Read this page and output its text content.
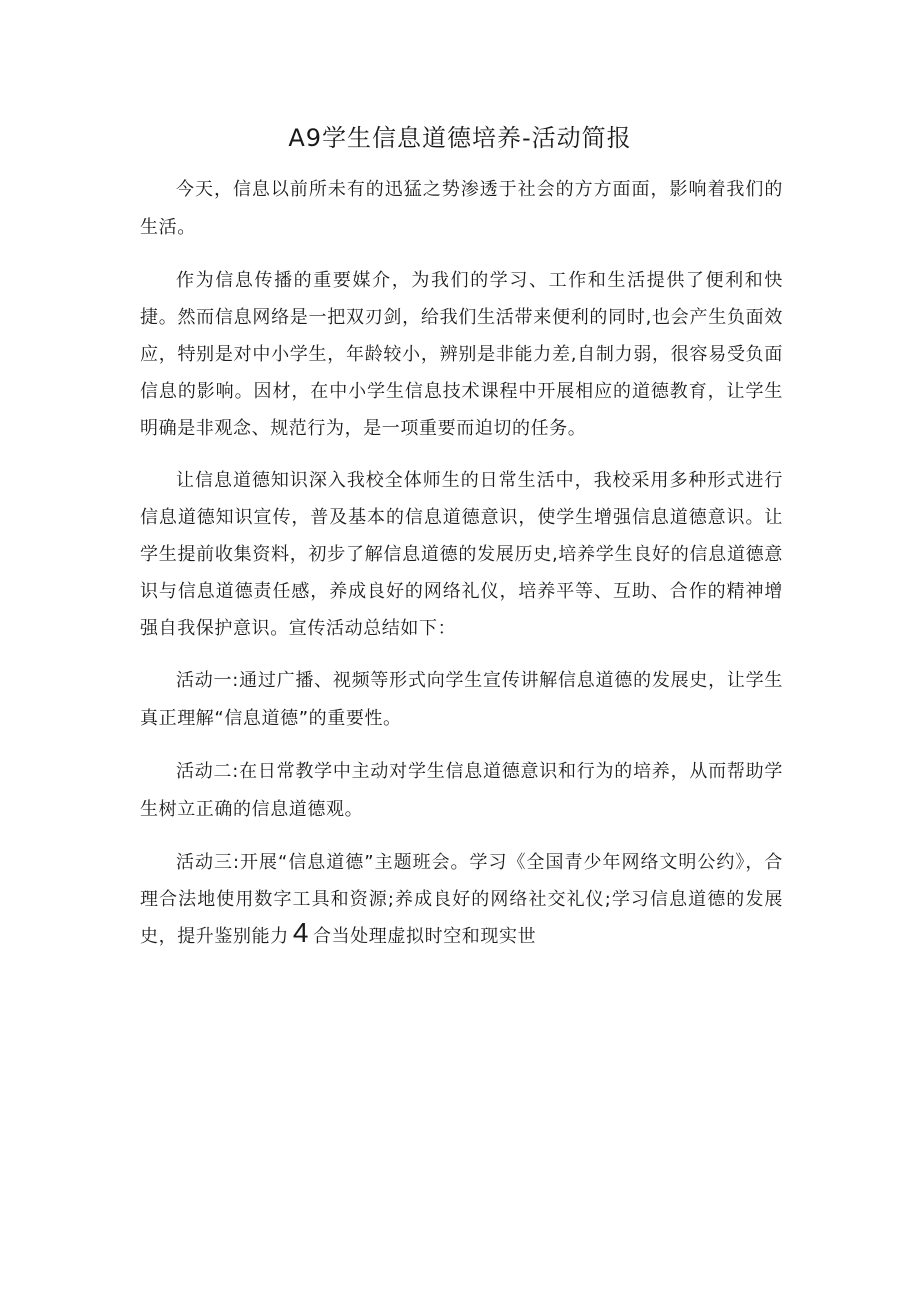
A9学生信息道德培养-活动简报

今天，信息以前所未有的迅猛之势渗透于社会的方方面面，影响着我们的生活。

作为信息传播的重要媒介，为我们的学习、工作和生活提供了便利和快捷。然而信息网络是一把双刃剑，给我们生活带来便利的同时,也会产生负面效应，特别是对中小学生，年龄较小，辨别是非能力差,自制力弱，很容易受负面信息的影响。因材，在中小学生信息技术课程中开展相应的道德教育，让学生明确是非观念、规范行为，是一项重要而迫切的任务。

让信息道德知识深入我校全体师生的日常生活中，我校采用多种形式进行信息道德知识宣传，普及基本的信息道德意识，使学生增强信息道德意识。让学生提前收集资料，初步了解信息道德的发展历史,培养学生良好的信息道德意识与信息道德责任感，养成良好的网络礼仪，培养平等、互助、合作的精神增强自我保护意识。宣传活动总结如下：

活动一:通过广播、视频等形式向学生宣传讲解信息道德的发展史，让学生真正理解“信息道德”的重要性。

活动二:在日常教学中主动对学生信息道德意识和行为的培养，从而帮助学生树立正确的信息道德观。

活动三:开展“信息道德”主题班会。学习《全国青少年网络文明公约》，合理合法地使用数字工具和资源;养成良好的网络社交礼仪;学习信息道德的发展史，提升鉴别能力 4 合当处理虚拟时空和现实世
